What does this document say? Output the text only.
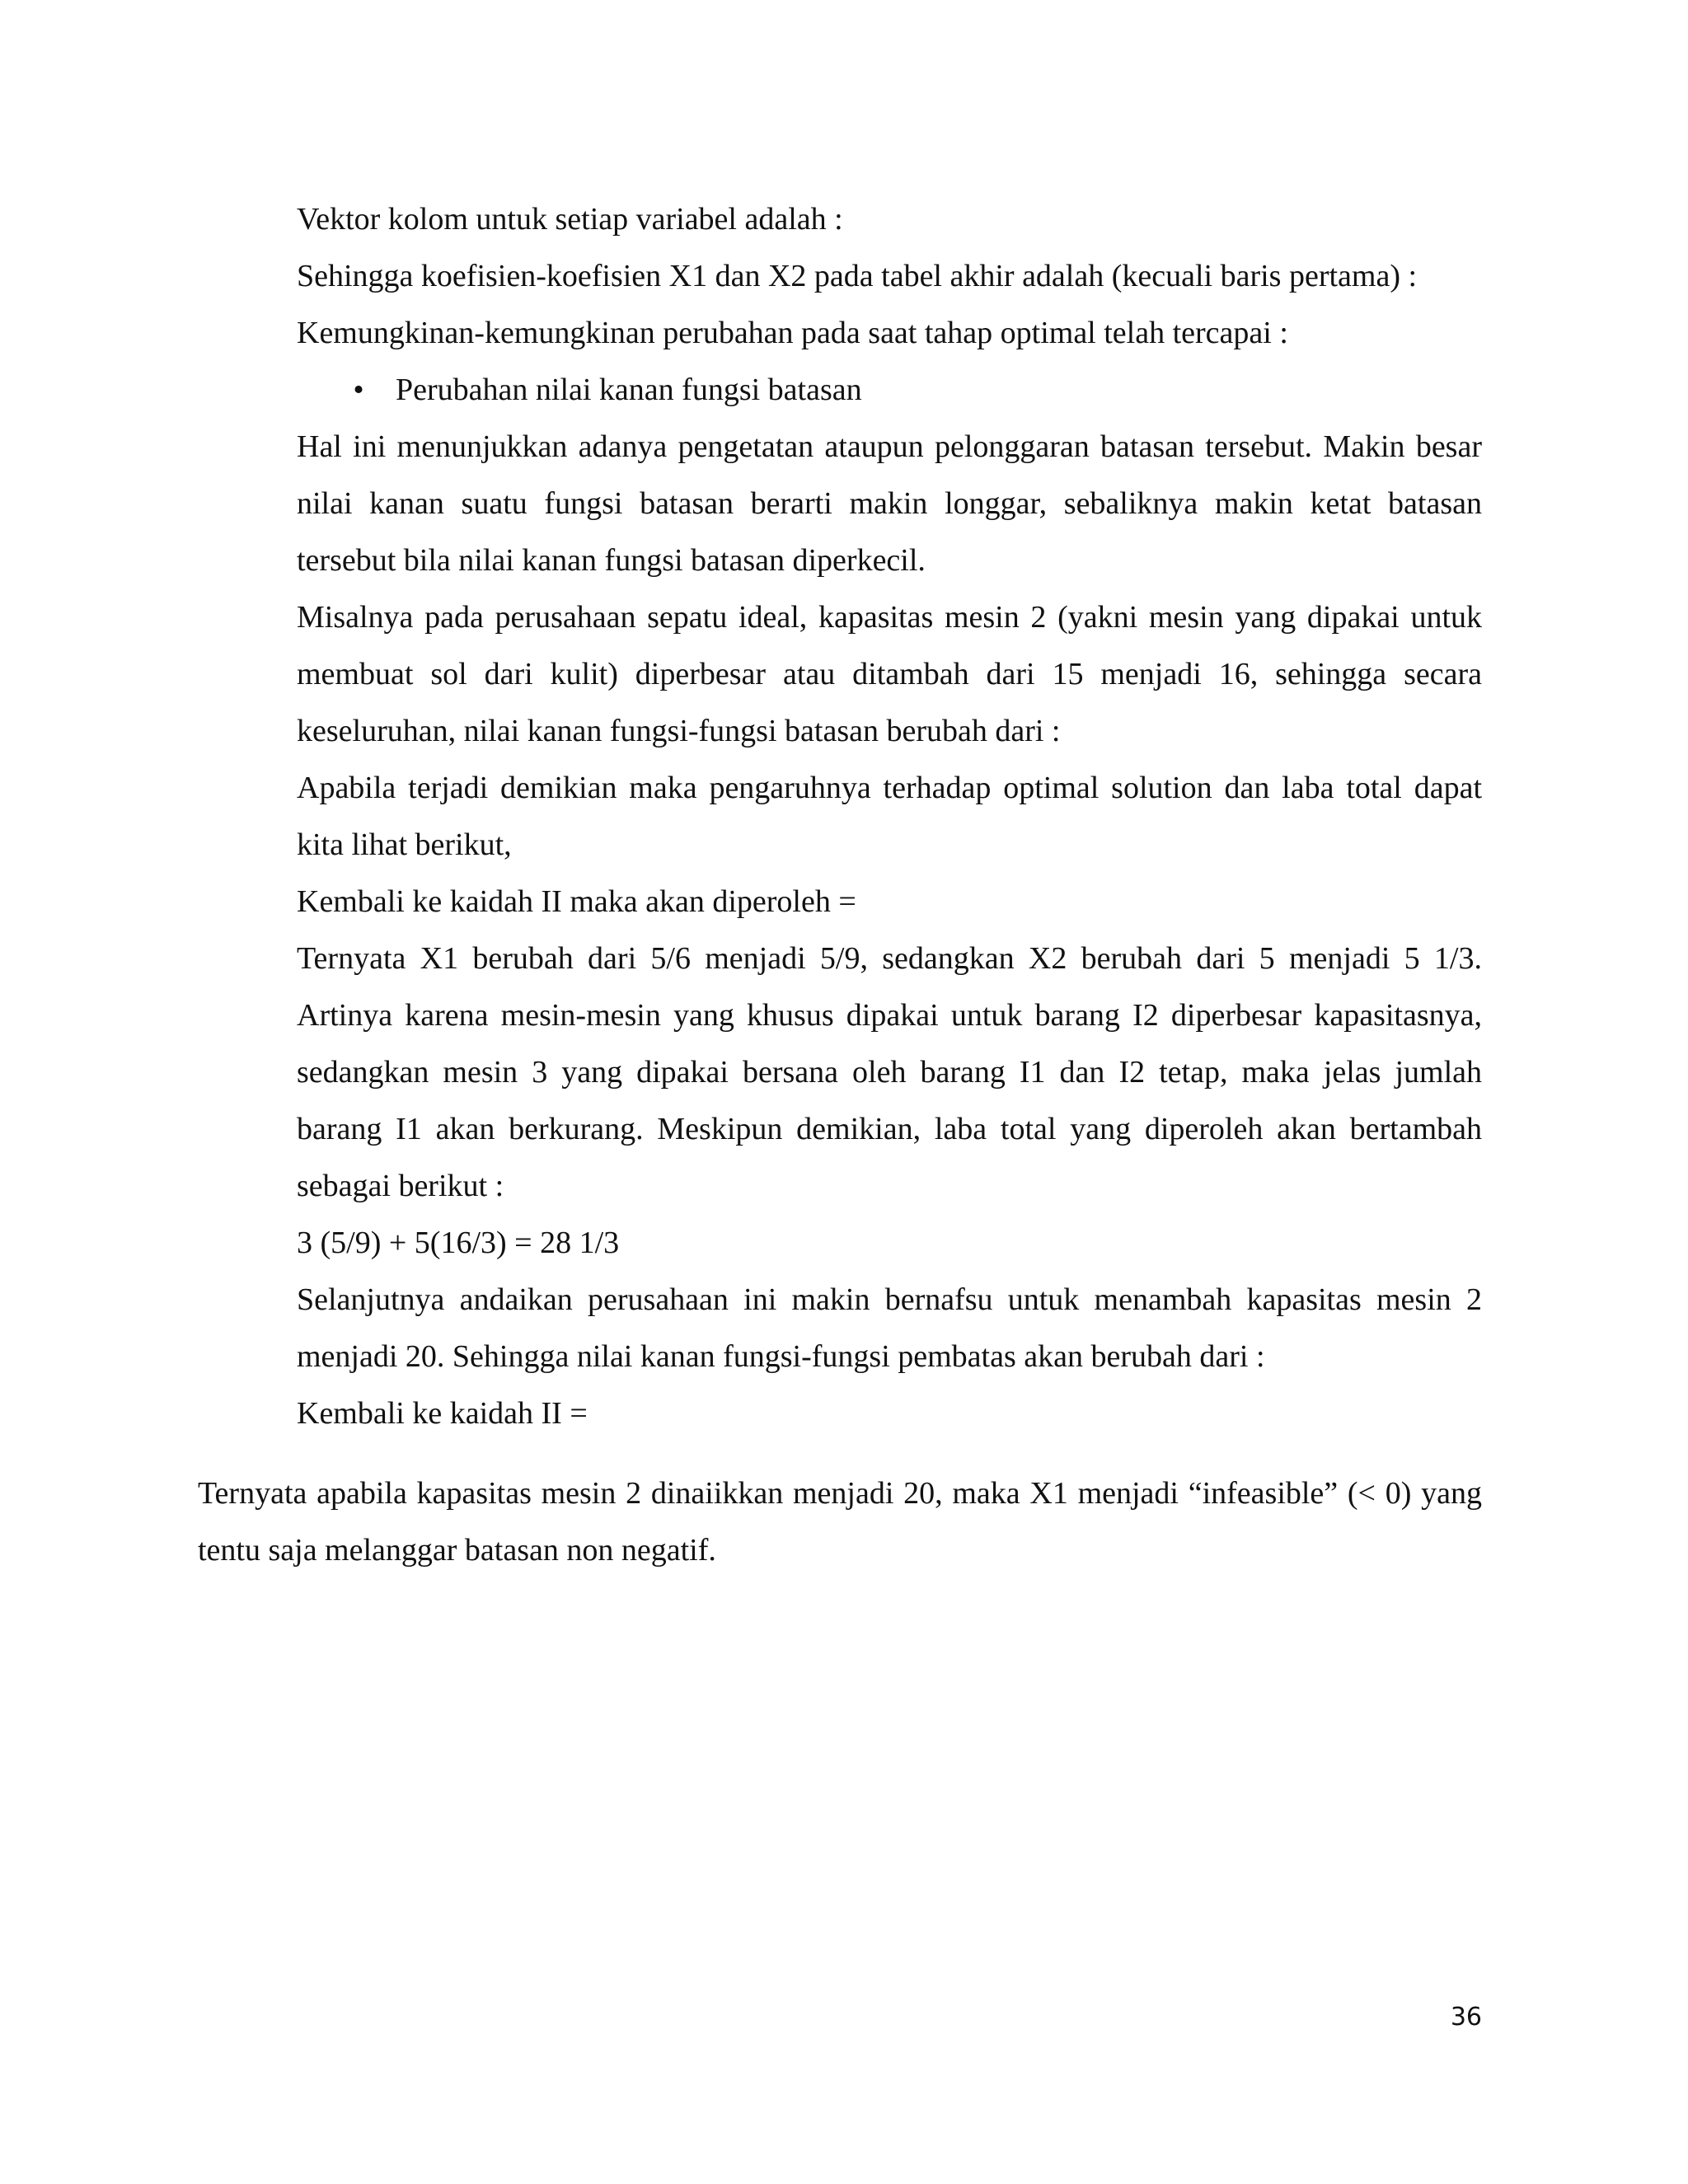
Vektor kolom untuk setiap variabel adalah :

Sehingga koefisien-koefisien X1 dan X2 pada tabel akhir adalah (kecuali baris pertama) :

Kemungkinan-kemungkinan perubahan pada saat tahap optimal telah tercapai :

• Perubahan nilai kanan fungsi batasan

Hal ini menunjukkan adanya pengetatan ataupun pelonggaran batasan tersebut. Makin besar nilai kanan suatu fungsi batasan berarti makin longgar, sebaliknya makin ketat batasan tersebut bila nilai kanan fungsi batasan diperkecil.

Misalnya pada perusahaan sepatu ideal, kapasitas mesin 2 (yakni mesin yang dipakai untuk membuat sol dari kulit) diperbesar atau ditambah dari 15 menjadi 16, sehingga secara keseluruhan, nilai kanan fungsi-fungsi batasan berubah dari :

Apabila terjadi demikian maka pengaruhnya terhadap optimal solution dan laba total dapat kita lihat berikut,

Kembali ke kaidah II maka akan diperoleh =

Ternyata X1 berubah dari 5/6 menjadi 5/9, sedangkan X2 berubah dari 5 menjadi 5 1/3. Artinya karena mesin-mesin yang khusus dipakai untuk barang I2 diperbesar kapasitasnya, sedangkan mesin 3 yang dipakai bersana oleh barang I1 dan I2 tetap, maka jelas jumlah barang I1 akan berkurang. Meskipun demikian, laba total yang diperoleh akan bertambah sebagai berikut :

3 (5/9) + 5(16/3) = 28 1/3

Selanjutnya andaikan perusahaan ini makin bernafsu untuk menambah kapasitas mesin 2 menjadi 20. Sehingga nilai kanan fungsi-fungsi pembatas akan berubah dari :

Kembali ke kaidah II =

Ternyata apabila kapasitas mesin 2 dinaiikkan menjadi 20, maka X1 menjadi “infeasible” (< 0) yang tentu saja melanggar batasan non negatif.

36
